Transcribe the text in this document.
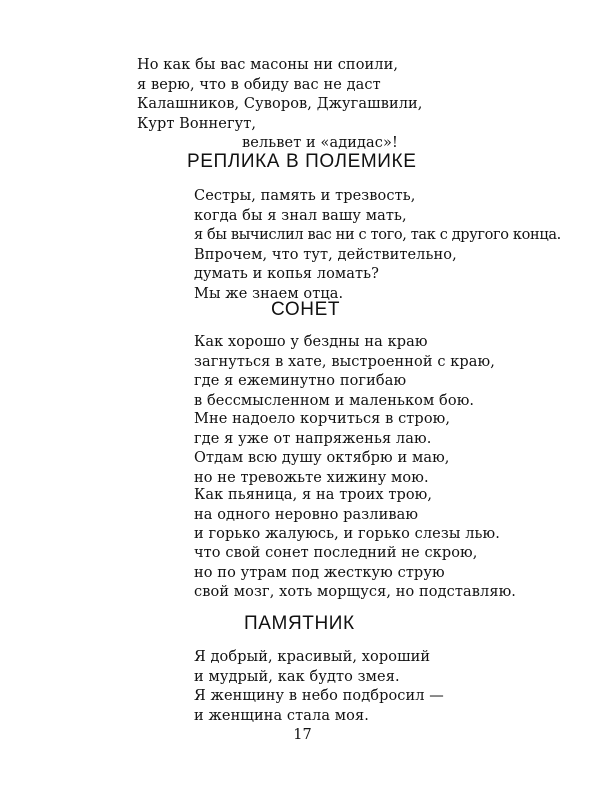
Но как бы вас масоны ни споили,
я верю, что в обиду вас не даст
Калашников, Суворов, Джугашвили,
Курт Воннегут,
вельвет и «адидас»!
РЕПЛИКА В ПОЛЕМИКЕ
Сестры, память и трезвость,
когда бы я знал вашу мать,
я бы вычислил вас ни с того, так с другого конца.
Впрочем, что тут, действительно,
думать и копья ломать?
Мы же знаем отца.
СОНЕТ
Как хорошо у бездны на краю
загнуться в хате, выстроенной с краю,
где я ежеминутно погибаю
в бессмысленном и маленьком бою.
Мне надоело корчиться в строю,
где я уже от напряженья лаю.
Отдам всю душу октябрю и маю,
но не тревожьте хижину мою.
Как пьяница, я на троих трою,
на одного неровно разливаю
и горько жалуюсь, и горько слезы лью.
что свой сонет последний не скрою,
но по утрам под жесткую струю
свой мозг, хоть морщуся, но подставляю.
ПАМЯТНИК
Я добрый, красивый, хороший
и мудрый, как будто змея.
Я женщину в небо подбросил —
и женщина стала моя.
17
